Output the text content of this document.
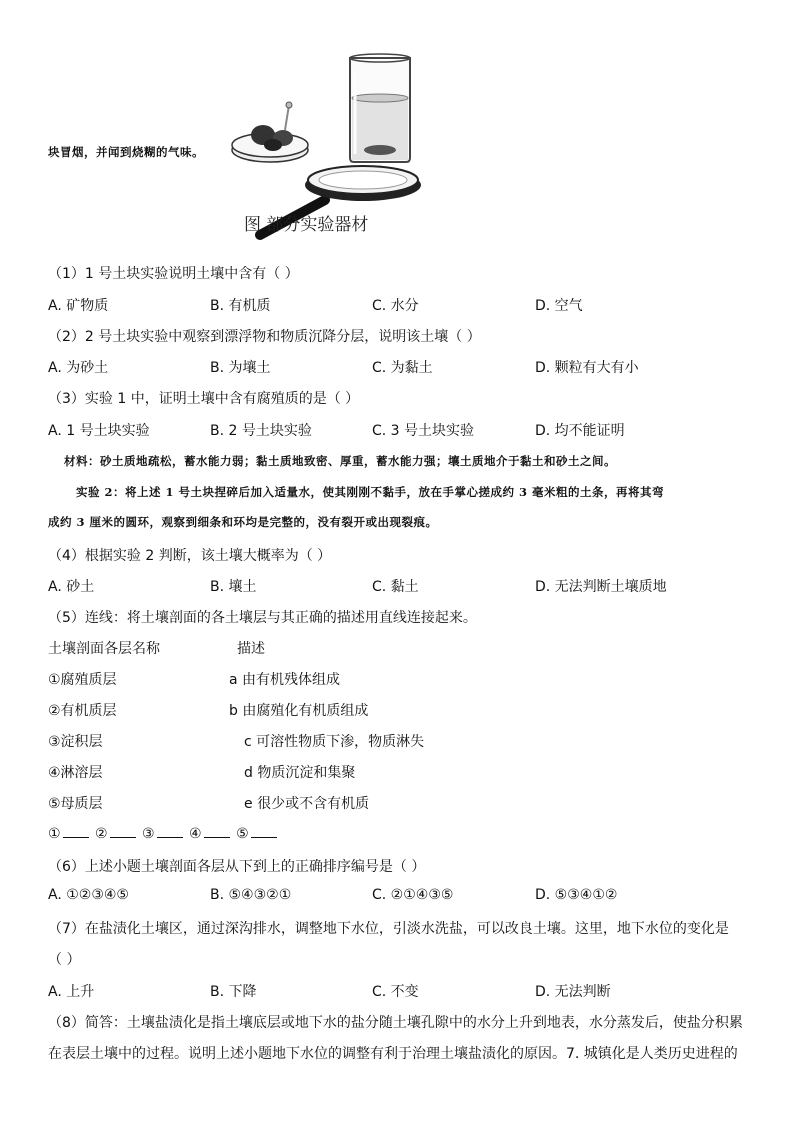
块冒烟，并闻到烧糊的气味。
图 部分实验器材
（1）1 号土块实验说明土壤中含有（ ）
A. 矿物质	B. 有机质	C. 水分	D. 空气
（2）2 号土块实验中观察到漂浮物和物质沉降分层，说明该土壤（ ）
A. 为砂土	B. 为壤土	C. 为黏土	D. 颗粒有大有小
（3）实验 1 中，证明土壤中含有腐殖质的是（ ）
A. 1 号土块实验	B. 2 号土块实验	C. 3 号土块实验	D. 均不能证明
材料：砂土质地疏松，蓄水能力弱；黏土质地致密、厚重，蓄水能力强；壤土质地介于黏土和砂土之间。
实验 2：将上述 1 号土块捏碎后加入适量水，使其刚刚不黏手，放在手掌心搓成约 3 毫米粗的土条，再将其弯
成约 3 厘米的圆环，观察到细条和环均是完整的，没有裂开或出现裂痕。
（4）根据实验 2 判断，该土壤大概率为（ ）
A. 砂土	B. 壤土	C. 黏土	D. 无法判断土壤质地
（5）连线：将土壤剖面的各土壤层与其正确的描述用直线连接起来。
土壤剖面各层名称	描述
①腐殖质层	a 由有机残体组成
②有机质层	b 由腐殖化有机质组成
③淀积层	c 可溶性物质下渗，物质淋失
④淋溶层	d 物质沉淀和集聚
⑤母质层	e 很少或不含有机质
① ② ③ ④ ⑤
（6）上述小题土壤剖面各层从下到上的正确排序编号是（ ）
A. ①②③④⑤	B. ⑤④③②①	C. ②①④③⑤	D. ⑤③④①②
（7）在盐渍化土壤区，通过深沟排水，调整地下水位，引淡水洗盐，可以改良土壤。这里，地下水位的变化是
（ ）
A. 上升	B. 下降	C. 不变	D. 无法判断
（8）简答：土壤盐渍化是指土壤底层或地下水的盐分随土壤孔隙中的水分上升到地表，水分蒸发后，使盐分积累
在表层土壤中的过程。说明上述小题地下水位的调整有利于治理土壤盐渍化的原因。7. 城镇化是人类历史进程的
